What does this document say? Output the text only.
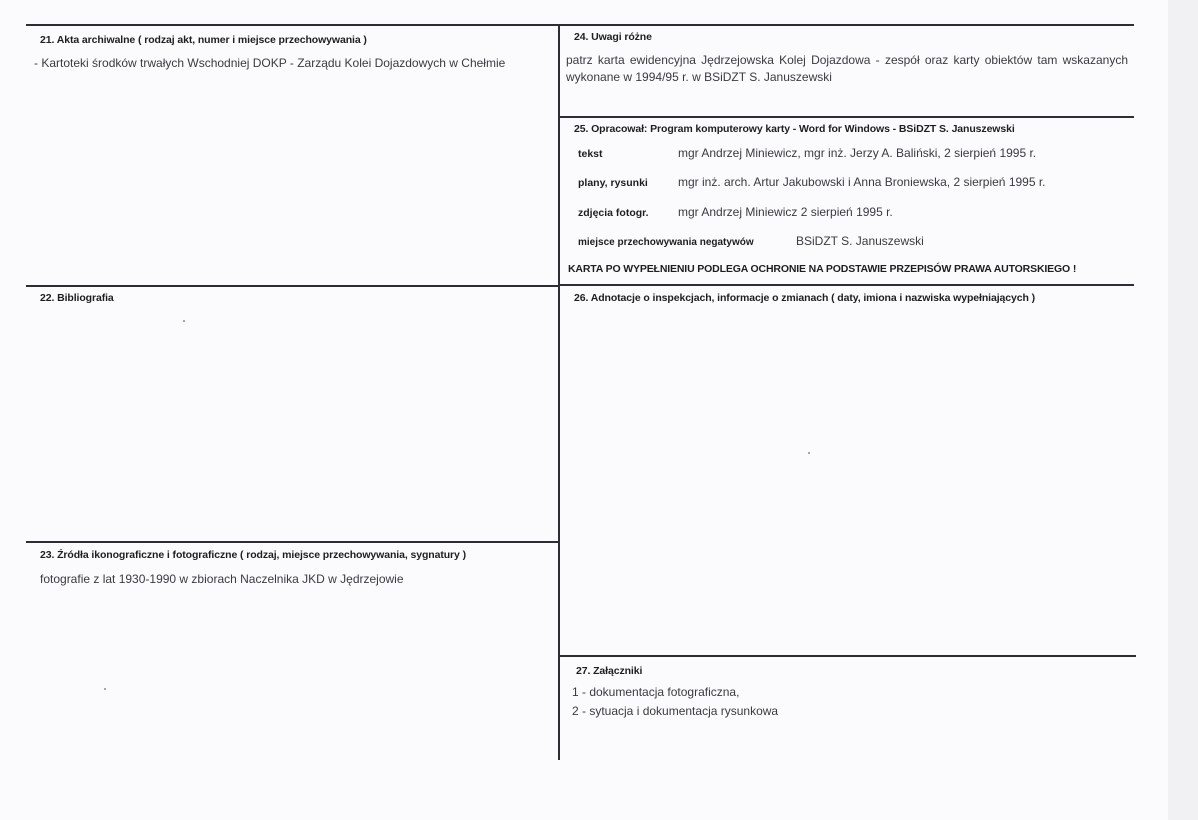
21. Akta archiwalne ( rodzaj akt, numer i miejsce przechowywania )
- Kartoteki środków trwałych Wschodniej DOKP - Zarządu Kolei Dojazdowych w Chełmie
22. Bibliografia
23. Źródła ikonograficzne i fotograficzne ( rodzaj, miejsce przechowywania, sygnatury )
fotografie z lat 1930-1990 w zbiorach Naczelnika JKD w Jędrzejowie
24. Uwagi różne
patrz karta ewidencyjna Jędrzejowska Kolej Dojazdowa - zespół oraz karty obiektów tam wskazanych wykonane w 1994/95 r. w BSiDZT S. Januszewski
25. Opracował: Program komputerowy karty - Word for Windows - BSiDZT S. Januszewski
tekst	mgr Andrzej Miniewicz, mgr inż. Jerzy A. Baliński, 2 sierpień 1995 r.
plany, rysunki	mgr inż. arch. Artur Jakubowski i Anna Broniewska, 2 sierpień 1995 r.
zdjęcia fotogr. mgr Andrzej Miniewicz 2 sierpień 1995 r.
miejsce przechowywania negatywów	BSiDZT S. Januszewski
KARTA PO WYPEŁNIENIU PODLEGA OCHRONIE NA PODSTAWIE PRZEPISÓW PRAWA AUTORSKIEGO !
26. Adnotacje o inspekcjach, informacje o zmianach ( daty, imiona i nazwiska wypełniających )
27. Załączniki
1 - dokumentacja fotograficzna,
2 - sytuacja i dokumentacja rysunkowa
